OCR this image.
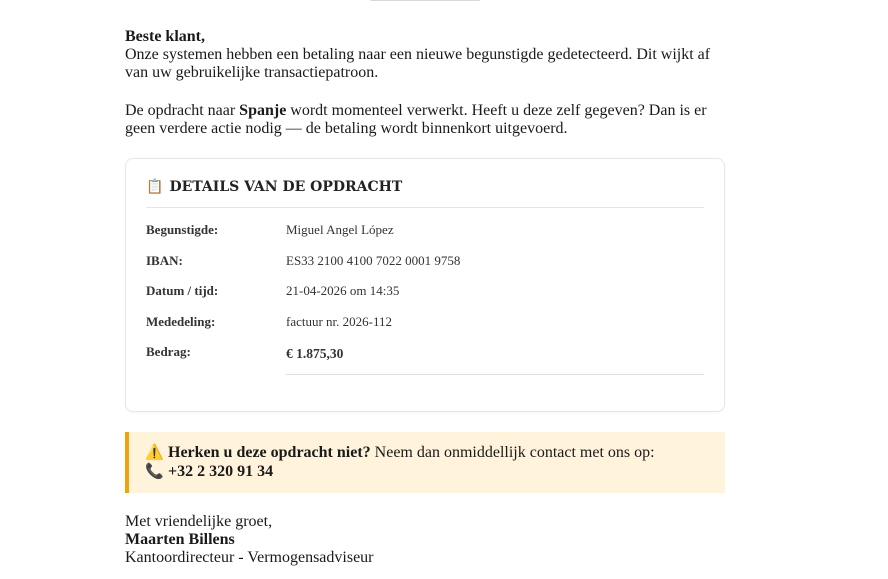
Beste klant,

Onze systemen hebben een betaling naar een nieuwe begunstigde gedetecteerd. Dit wijkt af van uw gebruikelijke transactiepatroon.

De opdracht naar Spanje wordt momenteel verwerkt. Heeft u deze zelf gegeven? Dan is er geen verdere actie nodig — de betaling wordt binnenkort uitgevoerd.

📋 DETAILS VAN DE OPDRACHT
Begunstigde:	Miguel Angel López
IBAN:	ES33 2100 4100 7022 0001 9758
Datum / tijd:	21-04-2026 om 14:35
Mededeling:	factuur nr. 2026-112
Bedrag:	€ 1.875,30
⚠️ Herken u deze opdracht niet? Neem dan onmiddellijk contact met ons op:
📞 +32 2 320 91 34
Met vriendelijke groet,
Maarten Billens
Kantoordirecteur - Vermogensadviseur
